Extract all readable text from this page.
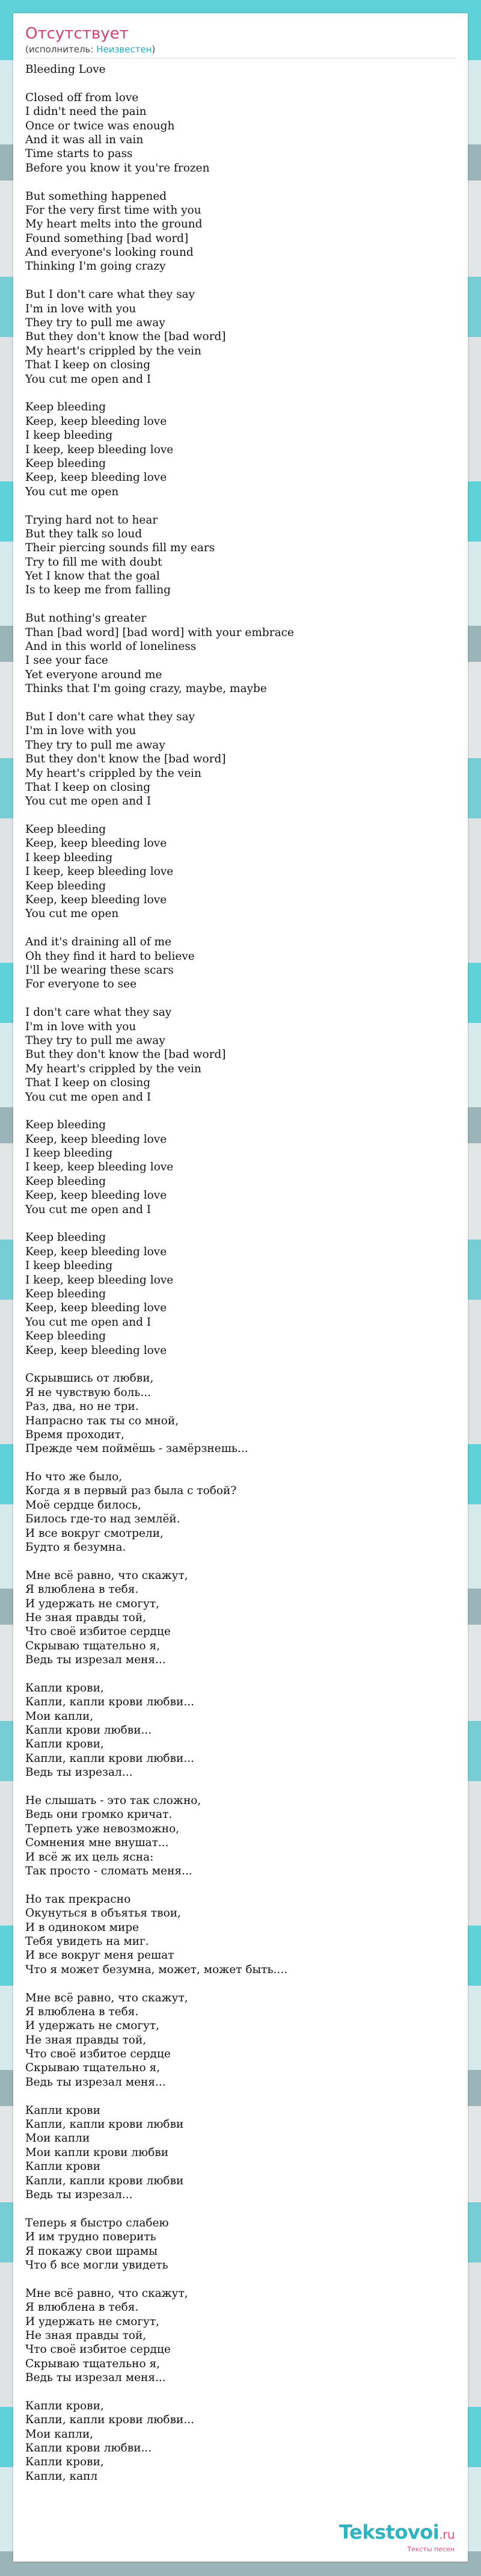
Отсутствует
(исполнитель: Неизвестен)
Bleeding Love
Closed off from love
I didn't need the pain
Once or twice was enough
And it was all in vain
Time starts to pass
Before you know it you're frozen
But something happened
For the very first time with you
My heart melts into the ground
Found something [bad word]
And everyone's looking round
Thinking I'm going crazy
But I don't care what they say
I'm in love with you
They try to pull me away
But they don't know the [bad word]
My heart's crippled by the vein
That I keep on closing
You cut me open and I
Keep bleeding
Keep, keep bleeding love
I keep bleeding
I keep, keep bleeding love
Keep bleeding
Keep, keep bleeding love
You cut me open
Trying hard not to hear
But they talk so loud
Their piercing sounds fill my ears
Try to fill me with doubt
Yet I know that the goal
Is to keep me from falling
But nothing's greater
Than [bad word] [bad word] with your embrace
And in this world of loneliness
I see your face
Yet everyone around me
Thinks that I'm going crazy, maybe, maybe
But I don't care what they say
I'm in love with you
They try to pull me away
But they don't know the [bad word]
My heart's crippled by the vein
That I keep on closing
You cut me open and I
Keep bleeding
Keep, keep bleeding love
I keep bleeding
I keep, keep bleeding love
Keep bleeding
Keep, keep bleeding love
You cut me open
And it's draining all of me
Oh they find it hard to believe
I'll be wearing these scars
For everyone to see
I don't care what they say
I'm in love with you
They try to pull me away
But they don't know the [bad word]
My heart's crippled by the vein
That I keep on closing
You cut me open and I
Keep bleeding
Keep, keep bleeding love
I keep bleeding
I keep, keep bleeding love
Keep bleeding
Keep, keep bleeding love
You cut me open and I
Keep bleeding
Keep, keep bleeding love
I keep bleeding
I keep, keep bleeding love
Keep bleeding
Keep, keep bleeding love
You cut me open and I
Keep bleeding
Keep, keep bleeding love
Скрывшись от любви,
Я не чувствую боль...
Раз, два, но не три.
Напрасно так ты со мной,
Время проходит,
Прежде чем поймёшь - замёрзнешь...
Но что же было,
Когда я в первый раз была с тобой?
Моё сердце билось,
Билось где-то над землёй.
И все вокруг смотрели,
Будто я безумна.
Мне всё равно, что скажут,
Я влюблена в тебя.
И удержать не смогут,
Не зная правды той,
Что своё избитое сердце
Скрываю тщательно я,
Ведь ты изрезал меня...
Капли крови,
Капли, капли крови любви...
Мои капли,
Капли крови любви...
Капли крови,
Капли, капли крови любви...
Ведь ты изрезал...
Не слышать - это так сложно,
Ведь они громко кричат.
Терпеть уже невозможно,
Сомнения мне внушат...
И всё ж их цель ясна:
Так просто - сломать меня...
Но так прекрасно
Окунуться в объятья твои,
И в одиноком мире
Тебя увидеть на миг.
И все вокруг меня решат
Что я может безумна, может, может быть....
Мне всё равно, что скажут,
Я влюблена в тебя.
И удержать не смогут,
Не зная правды той,
Что своё избитое сердце
Скрываю тщательно я,
Ведь ты изрезал меня...
Капли крови
Капли, капли крови любви
Мои капли
Мои капли крови любви
Капли крови
Капли, капли крови любви
Ведь ты изрезал...
Теперь я быстро слабею
И им трудно поверить
Я покажу свои шрамы
Что б все могли увидеть
Мне всё равно, что скажут,
Я влюблена в тебя.
И удержать не смогут,
Не зная правды той,
Что своё избитое сердце
Скрываю тщательно я,
Ведь ты изрезал меня...
Капли крови,
Капли, капли крови любви...
Мои капли,
Капли крови любви...
Капли крови,
Капли, капл
Tekstovoi.ru
Тексты песен
